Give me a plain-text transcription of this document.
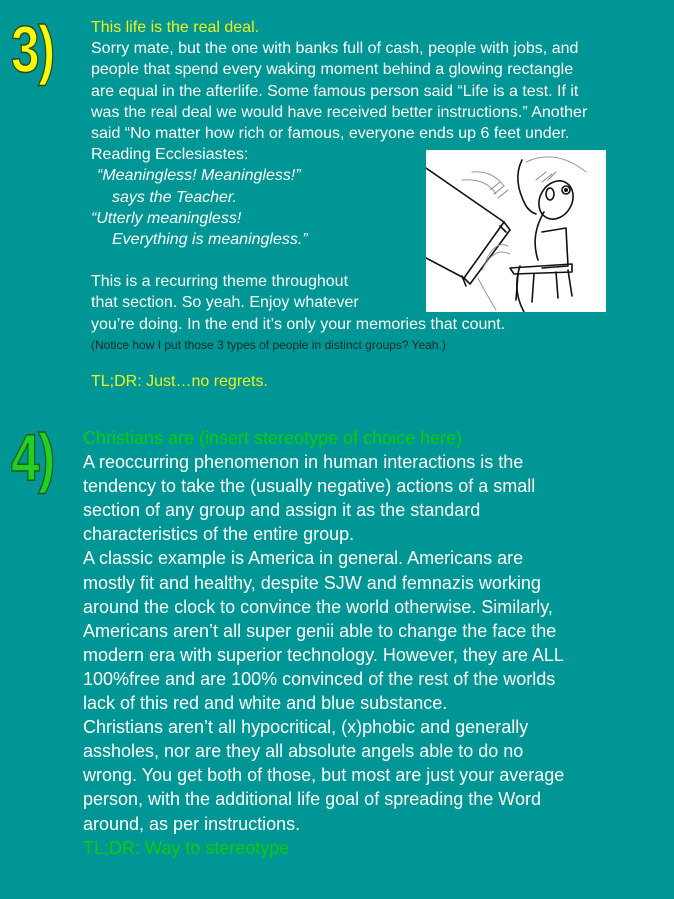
3) This life is the real deal.
Sorry mate, but the one with banks full of cash, people with jobs, and
people that spend every waking moment behind a glowing rectangle
are equal in the afterlife. Some famous person said “Life is a test. If it
was the real deal we would have received better instructions.” Another
said “No matter how rich or famous, everyone ends up 6 feet under.
Reading Ecclesiastes:
“Meaningless! Meaningless!”
says the Teacher.
“Utterly meaningless!
Everything is meaningless.”
This is a recurring theme throughout
that section. So yeah. Enjoy whatever
you’re doing. In the end it’s only your memories that count.
(Notice how I put those 3 types of people in distinct groups? Yeah.)
TL;DR: Just…no regrets.
4) Christians are (insert stereotype of choice here)
A reoccurring phenomenon in human interactions is the
tendency to take the (usually negative) actions of a small
section of any group and assign it as the standard
characteristics of the entire group.
A classic example is America in general. Americans are
mostly fit and healthy, despite SJW and femnazis working
around the clock to convince the world otherwise. Similarly,
Americans aren’t all super genii able to change the face the
modern era with superior technology. However, they are ALL
100%free and are 100% convinced of the rest of the worlds
lack of this red and white and blue substance.
Christians aren’t all hypocritical, (x)phobic and generally
assholes, nor are they all absolute angels able to do no
wrong. You get both of those, but most are just your average
person, with the additional life goal of spreading the Word
around, as per instructions.
TL;DR: Way to stereotype
